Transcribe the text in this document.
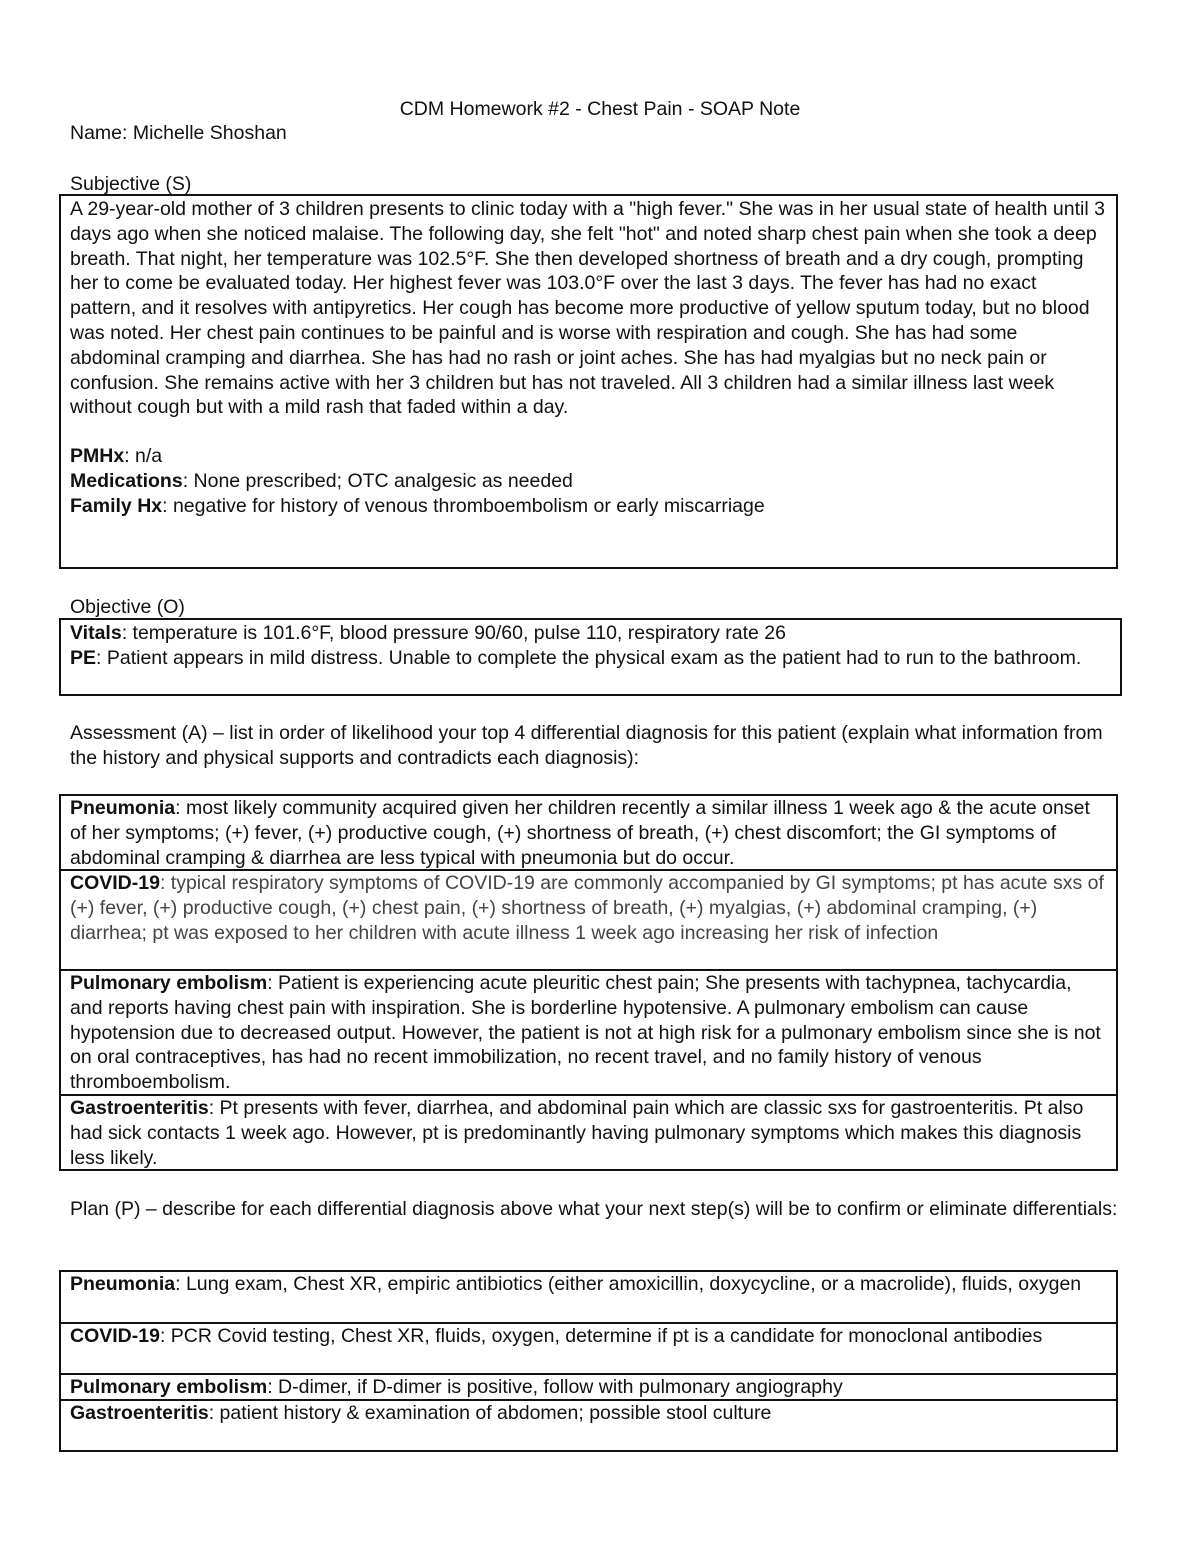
CDM Homework #2 - Chest Pain - SOAP Note
Name: Michelle Shoshan
Subjective (S)
A 29-year-old mother of 3 children presents to clinic today with a "high fever." She was in her usual state of health until 3 days ago when she noticed malaise. The following day, she felt "hot" and noted sharp chest pain when she took a deep breath. That night, her temperature was 102.5°F. She then developed shortness of breath and a dry cough, prompting her to come be evaluated today. Her highest fever was 103.0°F over the last 3 days. The fever has had no exact pattern, and it resolves with antipyretics. Her cough has become more productive of yellow sputum today, but no blood was noted. Her chest pain continues to be painful and is worse with respiration and cough. She has had some abdominal cramping and diarrhea. She has had no rash or joint aches. She has had myalgias but no neck pain or confusion. She remains active with her 3 children but has not traveled. All 3 children had a similar illness last week without cough but with a mild rash that faded within a day.
PMHx: n/a
Medications: None prescribed; OTC analgesic as needed
Family Hx: negative for history of venous thromboembolism or early miscarriage
Objective (O)
Vitals: temperature is 101.6°F, blood pressure 90/60, pulse 110, respiratory rate 26
PE: Patient appears in mild distress. Unable to complete the physical exam as the patient had to run to the bathroom.
Assessment (A) – list in order of likelihood your top 4 differential diagnosis for this patient (explain what information from the history and physical supports and contradicts each diagnosis):
Pneumonia: most likely community acquired given her children recently a similar illness 1 week ago & the acute onset of her symptoms; (+) fever, (+) productive cough, (+) shortness of breath, (+) chest discomfort; the GI symptoms of abdominal cramping & diarrhea are less typical with pneumonia but do occur.
COVID-19: typical respiratory symptoms of COVID-19 are commonly accompanied by GI symptoms; pt has acute sxs of (+) fever, (+) productive cough, (+) chest pain, (+) shortness of breath, (+) myalgias, (+) abdominal cramping, (+) diarrhea; pt was exposed to her children with acute illness 1 week ago increasing her risk of infection
Pulmonary embolism: Patient is experiencing acute pleuritic chest pain; She presents with tachypnea, tachycardia, and reports having chest pain with inspiration. She is borderline hypotensive. A pulmonary embolism can cause hypotension due to decreased output. However, the patient is not at high risk for a pulmonary embolism since she is not on oral contraceptives, has had no recent immobilization, no recent travel, and no family history of venous thromboembolism.
Gastroenteritis: Pt presents with fever, diarrhea, and abdominal pain which are classic sxs for gastroenteritis. Pt also had sick contacts 1 week ago. However, pt is predominantly having pulmonary symptoms which makes this diagnosis less likely.
Plan (P) – describe for each differential diagnosis above what your next step(s) will be to confirm or eliminate differentials:
Pneumonia: Lung exam, Chest XR, empiric antibiotics (either amoxicillin, doxycycline, or a macrolide), fluids, oxygen
COVID-19: PCR Covid testing, Chest XR, fluids, oxygen, determine if pt is a candidate for monoclonal antibodies
Pulmonary embolism: D-dimer, if D-dimer is positive, follow with pulmonary angiography
Gastroenteritis: patient history & examination of abdomen; possible stool culture
